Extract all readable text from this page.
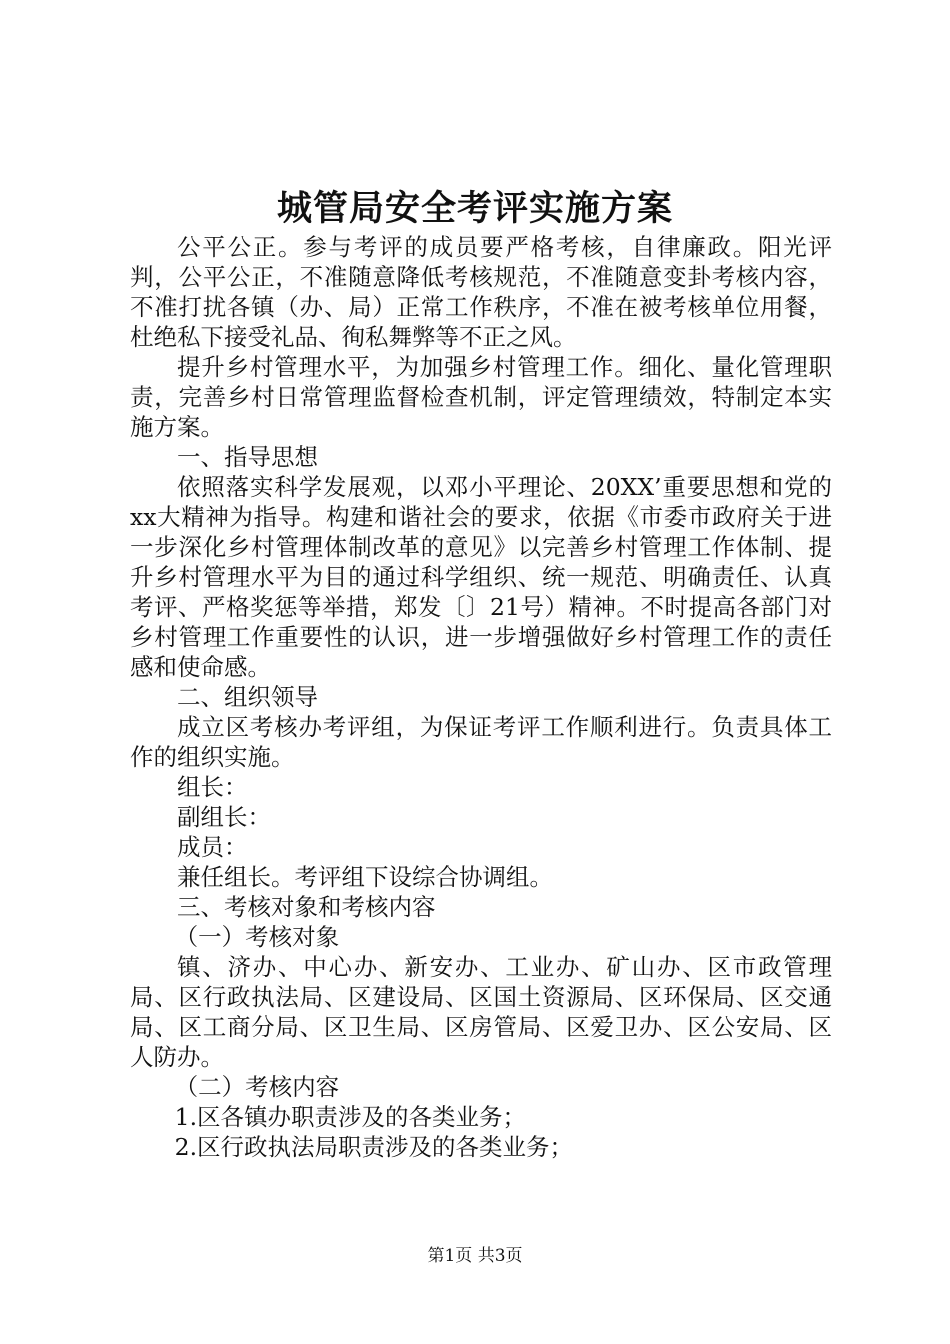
城管局安全考评实施方案

公平公正。参与考评的成员要严格考核，自律廉政。阳光评判，公平公正，不准随意降低考核规范，不准随意变卦考核内容，不准打扰各镇（办、局）正常工作秩序，不准在被考核单位用餐，杜绝私下接受礼品、徇私舞弊等不正之风。

提升乡村管理水平，为加强乡村管理工作。细化、量化管理职责，完善乡村日常管理监督检查机制，评定管理绩效，特制定本实施方案。

一、指导思想

依照落实科学发展观，以邓小平理论、20XX’重要思想和党的xx大精神为指导。构建和谐社会的要求，依据《市委市政府关于进一步深化乡村管理体制改革的意见》以完善乡村管理工作体制、提升乡村管理水平为目的通过科学组织、统一规范、明确责任、认真考评、严格奖惩等举措，郑发〔〕21号）精神。不时提高各部门对乡村管理工作重要性的认识，进一步增强做好乡村管理工作的责任感和使命感。

二、组织领导

成立区考核办考评组，为保证考评工作顺利进行。负责具体工作的组织实施。

组长：

副组长：

成员：

兼任组长。考评组下设综合协调组。

三、考核对象和考核内容

（一）考核对象

镇、济办、中心办、新安办、工业办、矿山办、区市政管理局、区行政执法局、区建设局、区国土资源局、区环保局、区交通局、区工商分局、区卫生局、区房管局、区爱卫办、区公安局、区人防办。

（二）考核内容

1.区各镇办职责涉及的各类业务；

2.区行政执法局职责涉及的各类业务；

第1页 共3页
